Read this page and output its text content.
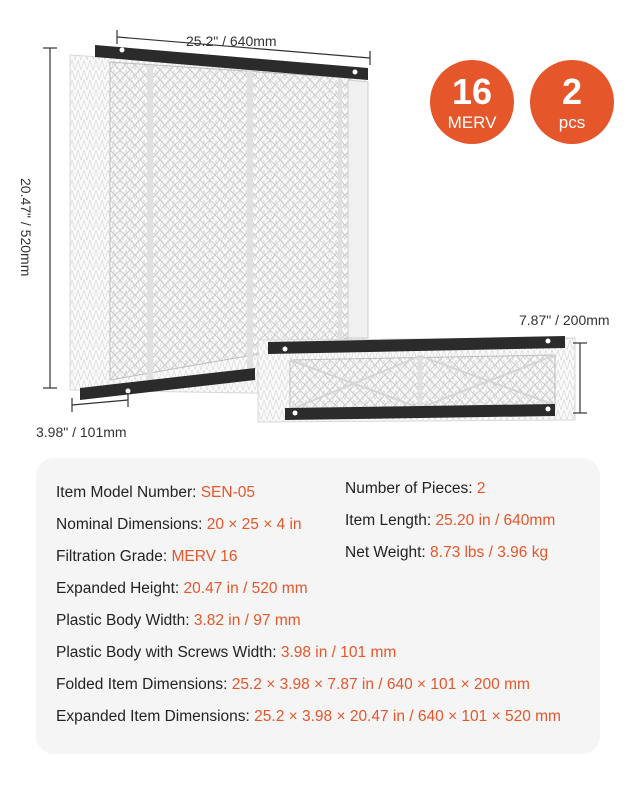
25.2" / 640mm
20.47" / 520mm
3.98" / 101mm
7.87" / 200mm
16
MERV
2
pcs
Item Model Number: SEN-05
Nominal Dimensions: 20 × 25 × 4 in
Filtration Grade: MERV 16
Expanded Height: 20.47 in / 520 mm
Plastic Body Width: 3.82 in / 97 mm
Plastic Body with Screws Width: 3.98 in / 101 mm
Folded Item Dimensions: 25.2 × 3.98 × 7.87 in / 640 × 101 × 200 mm
Expanded Item Dimensions: 25.2 × 3.98 × 20.47 in / 640 × 101 × 520 mm
Number of Pieces: 2
Item Length: 25.20 in / 640mm
Net Weight: 8.73 lbs / 3.96 kg
